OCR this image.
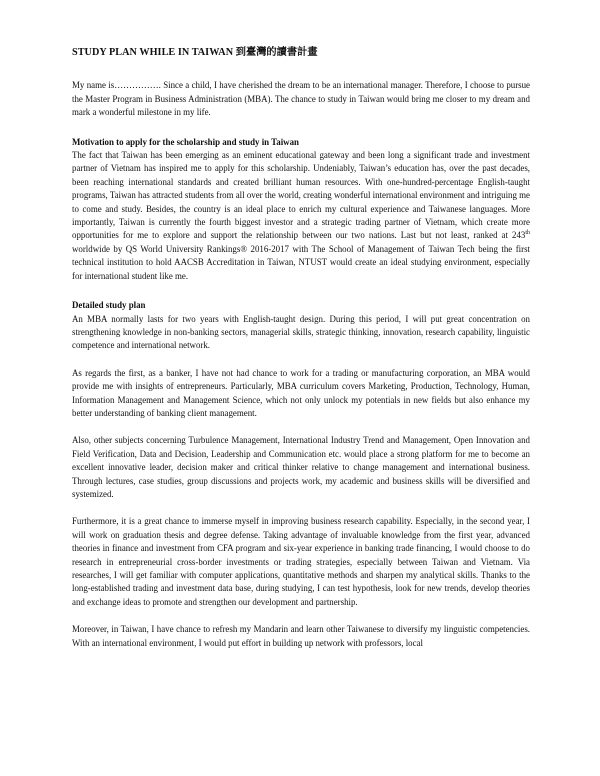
STUDY PLAN WHILE IN TAIWAN 到臺灣的讀書計畫

My name is……………. Since a child, I have cherished the dream to be an international manager. Therefore, I choose to pursue the Master Program in Business Administration (MBA). The chance to study in Taiwan would bring me closer to my dream and mark a wonderful milestone in my life.

Motivation to apply for the scholarship and study in Taiwan

The fact that Taiwan has been emerging as an eminent educational gateway and been long a significant trade and investment partner of Vietnam has inspired me to apply for this scholarship. Undeniably, Taiwan’s education has, over the past decades, been reaching international standards and created brilliant human resources. With one-hundred-percentage English-taught programs, Taiwan has attracted students from all over the world, creating wonderful international environment and intriguing me to come and study. Besides, the country is an ideal place to enrich my cultural experience and Taiwanese languages. More importantly, Taiwan is currently the fourth biggest investor and a strategic trading partner of Vietnam, which create more opportunities for me to explore and support the relationship between our two nations. Last but not least, ranked at 243th worldwide by QS World University Rankings® 2016-2017 with The School of Management of Taiwan Tech being the first technical institution to hold AACSB Accreditation in Taiwan, NTUST would create an ideal studying environment, especially for international student like me.

Detailed study plan

An MBA normally lasts for two years with English-taught design. During this period, I will put great concentration on strengthening knowledge in non-banking sectors, managerial skills, strategic thinking, innovation, research capability, linguistic competence and international network.

As regards the first, as a banker, I have not had chance to work for a trading or manufacturing corporation, an MBA would provide me with insights of entrepreneurs. Particularly, MBA curriculum covers Marketing, Production, Technology, Human, Information Management and Management Science, which not only unlock my potentials in new fields but also enhance my better understanding of banking client management.

Also, other subjects concerning Turbulence Management, International Industry Trend and Management, Open Innovation and Field Verification, Data and Decision, Leadership and Communication etc. would place a strong platform for me to become an excellent innovative leader, decision maker and critical thinker relative to change management and international business. Through lectures, case studies, group discussions and projects work, my academic and business skills will be diversified and systemized.

Furthermore, it is a great chance to immerse myself in improving business research capability. Especially, in the second year, I will work on graduation thesis and degree defense. Taking advantage of invaluable knowledge from the first year, advanced theories in finance and investment from CFA program and six-year experience in banking trade financing, I would choose to do research in entrepreneurial cross-border investments or trading strategies, especially between Taiwan and Vietnam. Via researches, I will get familiar with computer applications, quantitative methods and sharpen my analytical skills. Thanks to the long-established trading and investment data base, during studying, I can test hypothesis, look for new trends, develop theories and exchange ideas to promote and strengthen our development and partnership.

Moreover, in Taiwan, I have chance to refresh my Mandarin and learn other Taiwanese to diversify my linguistic competencies. With an international environment, I would put effort in building up network with professors, local
